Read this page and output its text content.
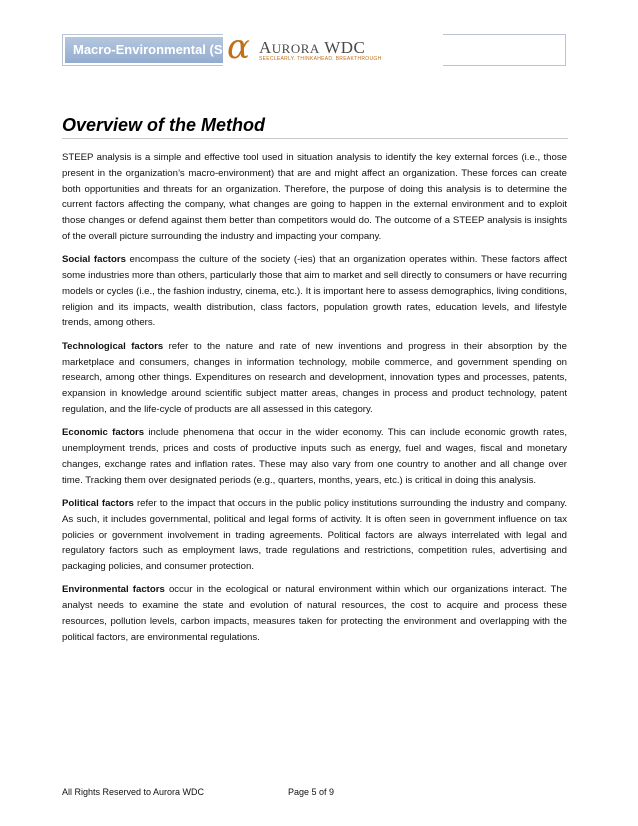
Macro-Environmental (S α AURORA WDC
SEECLEARLY. THINKAHEAD. BREAKTHROUGH
Overview of the Method

STEEP analysis is a simple and effective tool used in situation analysis to identify the key external forces (i.e., those present in the organization’s macro-environment) that are and might affect an organization. These forces can create both opportunities and threats for an organization. Therefore, the purpose of doing this analysis is to determine the current factors affecting the company, what changes are going to happen in the external environment and to exploit those changes or defend against them better than competitors would do. The outcome of a STEEP analysis is insights of the overall picture surrounding the industry and impacting your company.

Social factors encompass the culture of the society (-ies) that an organization operates within. These factors affect some industries more than others, particularly those that aim to market and sell directly to consumers or have recurring models or cycles (i.e., the fashion industry, cinema, etc.). It is important here to assess demographics, living conditions, religion and its impacts, wealth distribution, class factors, population growth rates, education levels, and lifestyle trends, among others.

Technological factors refer to the nature and rate of new inventions and progress in their absorption by the marketplace and consumers, changes in information technology, mobile commerce, and government spending on research, among other things. Expenditures on research and development, innovation types and processes, patents, expansion in knowledge around scientific subject matter areas, changes in process and product technology, patent regulation, and the life-cycle of products are all assessed in this category.

Economic factors include phenomena that occur in the wider economy. This can include economic growth rates, unemployment trends, prices and costs of productive inputs such as energy, fuel and wages, fiscal and monetary changes, exchange rates and inflation rates. These may also vary from one country to another and all change over time. Tracking them over designated periods (e.g., quarters, months, years, etc.) is critical in doing this analysis.

Political factors refer to the impact that occurs in the public policy institutions surrounding the industry and company. As such, it includes governmental, political and legal forms of activity. It is often seen in government influence on tax policies or government involvement in trading agreements. Political factors are always interrelated with legal and regulatory factors such as employment laws, trade regulations and restrictions, competition rules, advertising and packaging policies, and consumer protection.

Environmental factors occur in the ecological or natural environment within which our organizations interact. The analyst needs to examine the state and evolution of natural resources, the cost to acquire and process these resources, pollution levels, carbon impacts, measures taken for protecting the environment and overlapping with the political factors, are environmental regulations.

All Rights Reserved to Aurora WDC	Page 5 of 9
